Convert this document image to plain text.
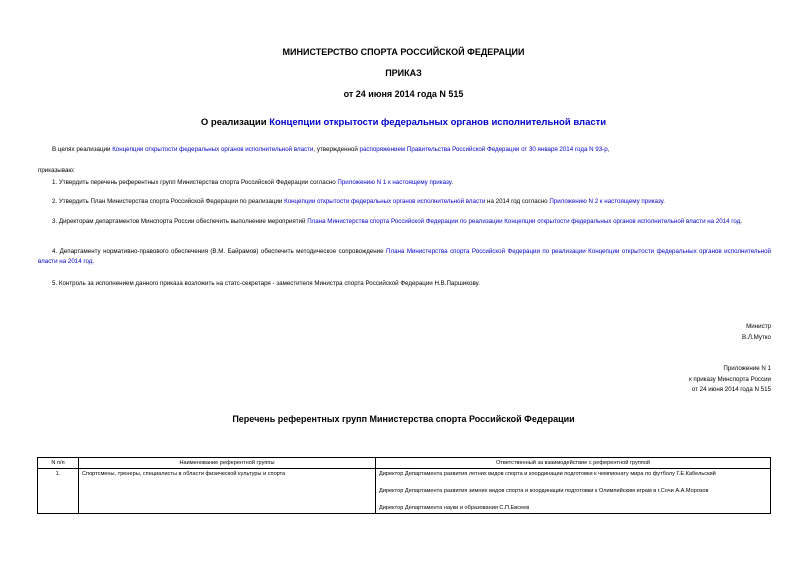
МИНИСТЕРСТВО СПОРТА РОССИЙСКОЙ ФЕДЕРАЦИИ
ПРИКАЗ
от 24 июня 2014 года N 515
О реализации Концепции открытости федеральных органов исполнительной власти
В целях реализации Концепции открытости федеральных органов исполнительной власти, утвержденной распоряжением Правительства Российской Федерации от 30 января 2014 года N 93-р,
приказываю:
1. Утвердить перечень референтных групп Министерства спорта Российской Федерации согласно Приложению N 1 к настоящему приказу.
2. Утвердить План Министерства спорта Российской Федерации по реализации Концепции открытости федеральных органов исполнительной власти на 2014 год согласно Приложению N 2 к настоящему приказу.
3. Директорам департаментов Минспорта России обеспечить выполнение мероприятий Плана Министерства спорта Российской Федерации по реализации Концепции открытости федеральных органов исполнительной власти на 2014 год.
4. Департаменту нормативно-правового обеспечения (В.М. Байрамов) обеспечить методическое сопровождение Плана Министерства спорта Российской Федерации по реализации Концепции открытости федеральных органов исполнительной власти на 2014 год.
5. Контроль за исполнением данного приказа возложить на статс-секретаря - заместителя Министра спорта Российской Федерации Н.В.Паршикову.
Министр
В.Л.Мутко
Приложение N 1
к приказу Минспорта России
от 24 июня 2014 года N 515
Перечень референтных групп Министерства спорта Российской Федерации
N п/п	Наименование референтной группы	Ответственный за взаимодействие с референтной группой
1.	Спортсмены, тренеры, специалисты в области физической культуры и спорта	Директор Департамента развития летних видов спорта и координации подготовки к чемпионату мира по футболу Г.Е.Кабельский
Директор Департамента развития зимних видов спорта и координации подготовки к Олимпийским играм в г.Сочи А.А.Морозов
Директор Департамента науки и образования С.П.Евсеев
